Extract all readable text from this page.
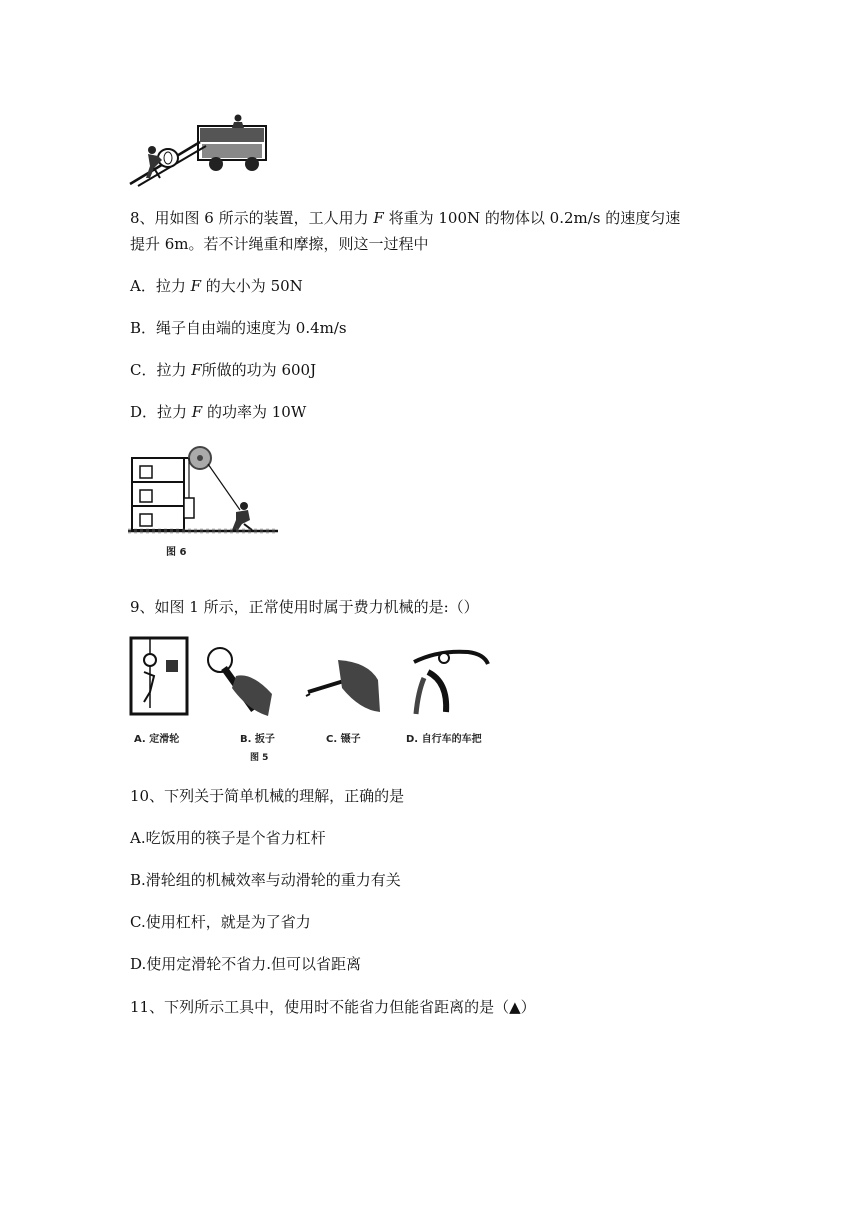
8、用如图 6 所示的装置，工人用力 F 将重为 100N 的物体以 0.2m/s 的速度匀速
提升 6m。若不计绳重和摩擦，则这一过程中
A．拉力 F 的大小为 50N
B．绳子自由端的速度为 0.4m/s
C．拉力 F所做的功为 600J
D．拉力 F 的功率为 10W
图 6
9、如图 1 所示，正常使用时属于费力机械的是:（）
A. 定滑轮	B. 扳子	C. 镊子	D. 自行车的车把
图 5
10、下列关于简单机械的理解，正确的是
A.吃饭用的筷子是个省力杠杆
B.滑轮组的机械效率与动滑轮的重力有关
C.使用杠杆，就是为了省力
D.使用定滑轮不省力.但可以省距离
11、下列所示工具中，使用时不能省力但能省距离的是（▲）
